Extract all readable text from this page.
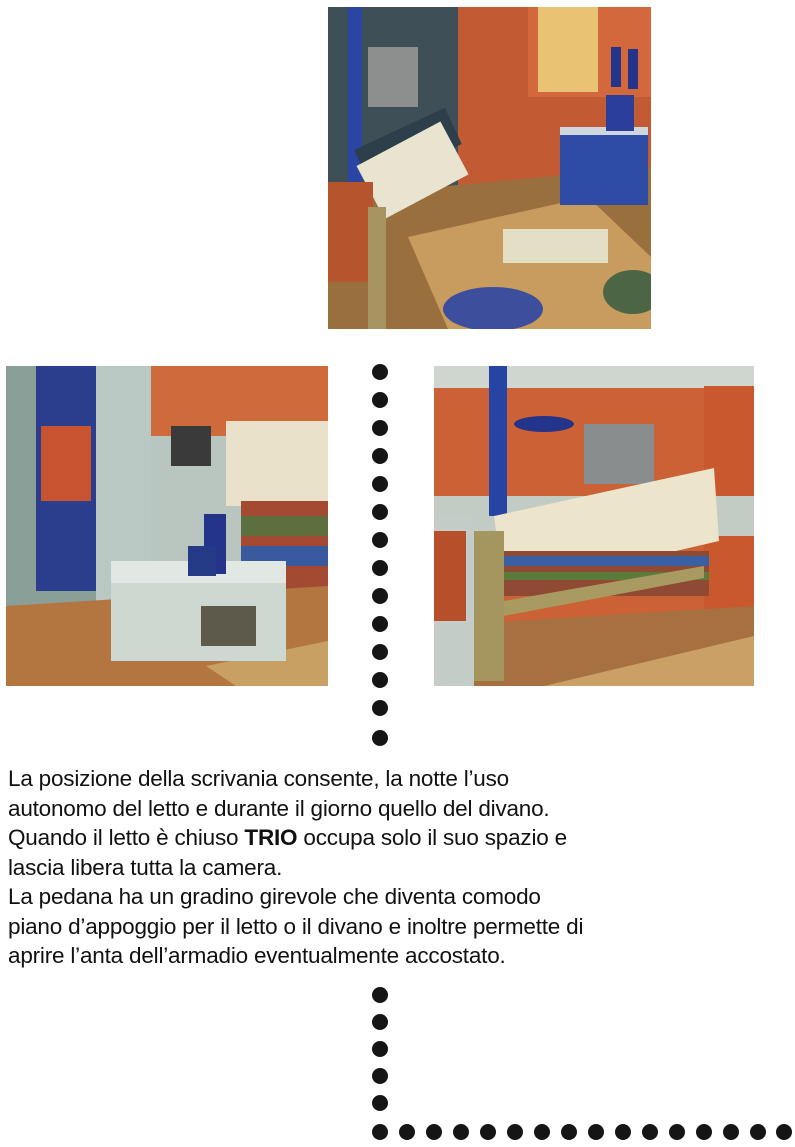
La posizione della scrivania consente, la notte l’uso

autonomo del letto e durante il giorno quello del divano.

Quando il letto è chiuso TRIO occupa solo il suo spazio e

lascia libera tutta la camera.

La pedana ha un gradino girevole che diventa comodo

piano d’appoggio per il letto o il divano e inoltre permette di

aprire l’anta dell’armadio eventualmente accostato.
